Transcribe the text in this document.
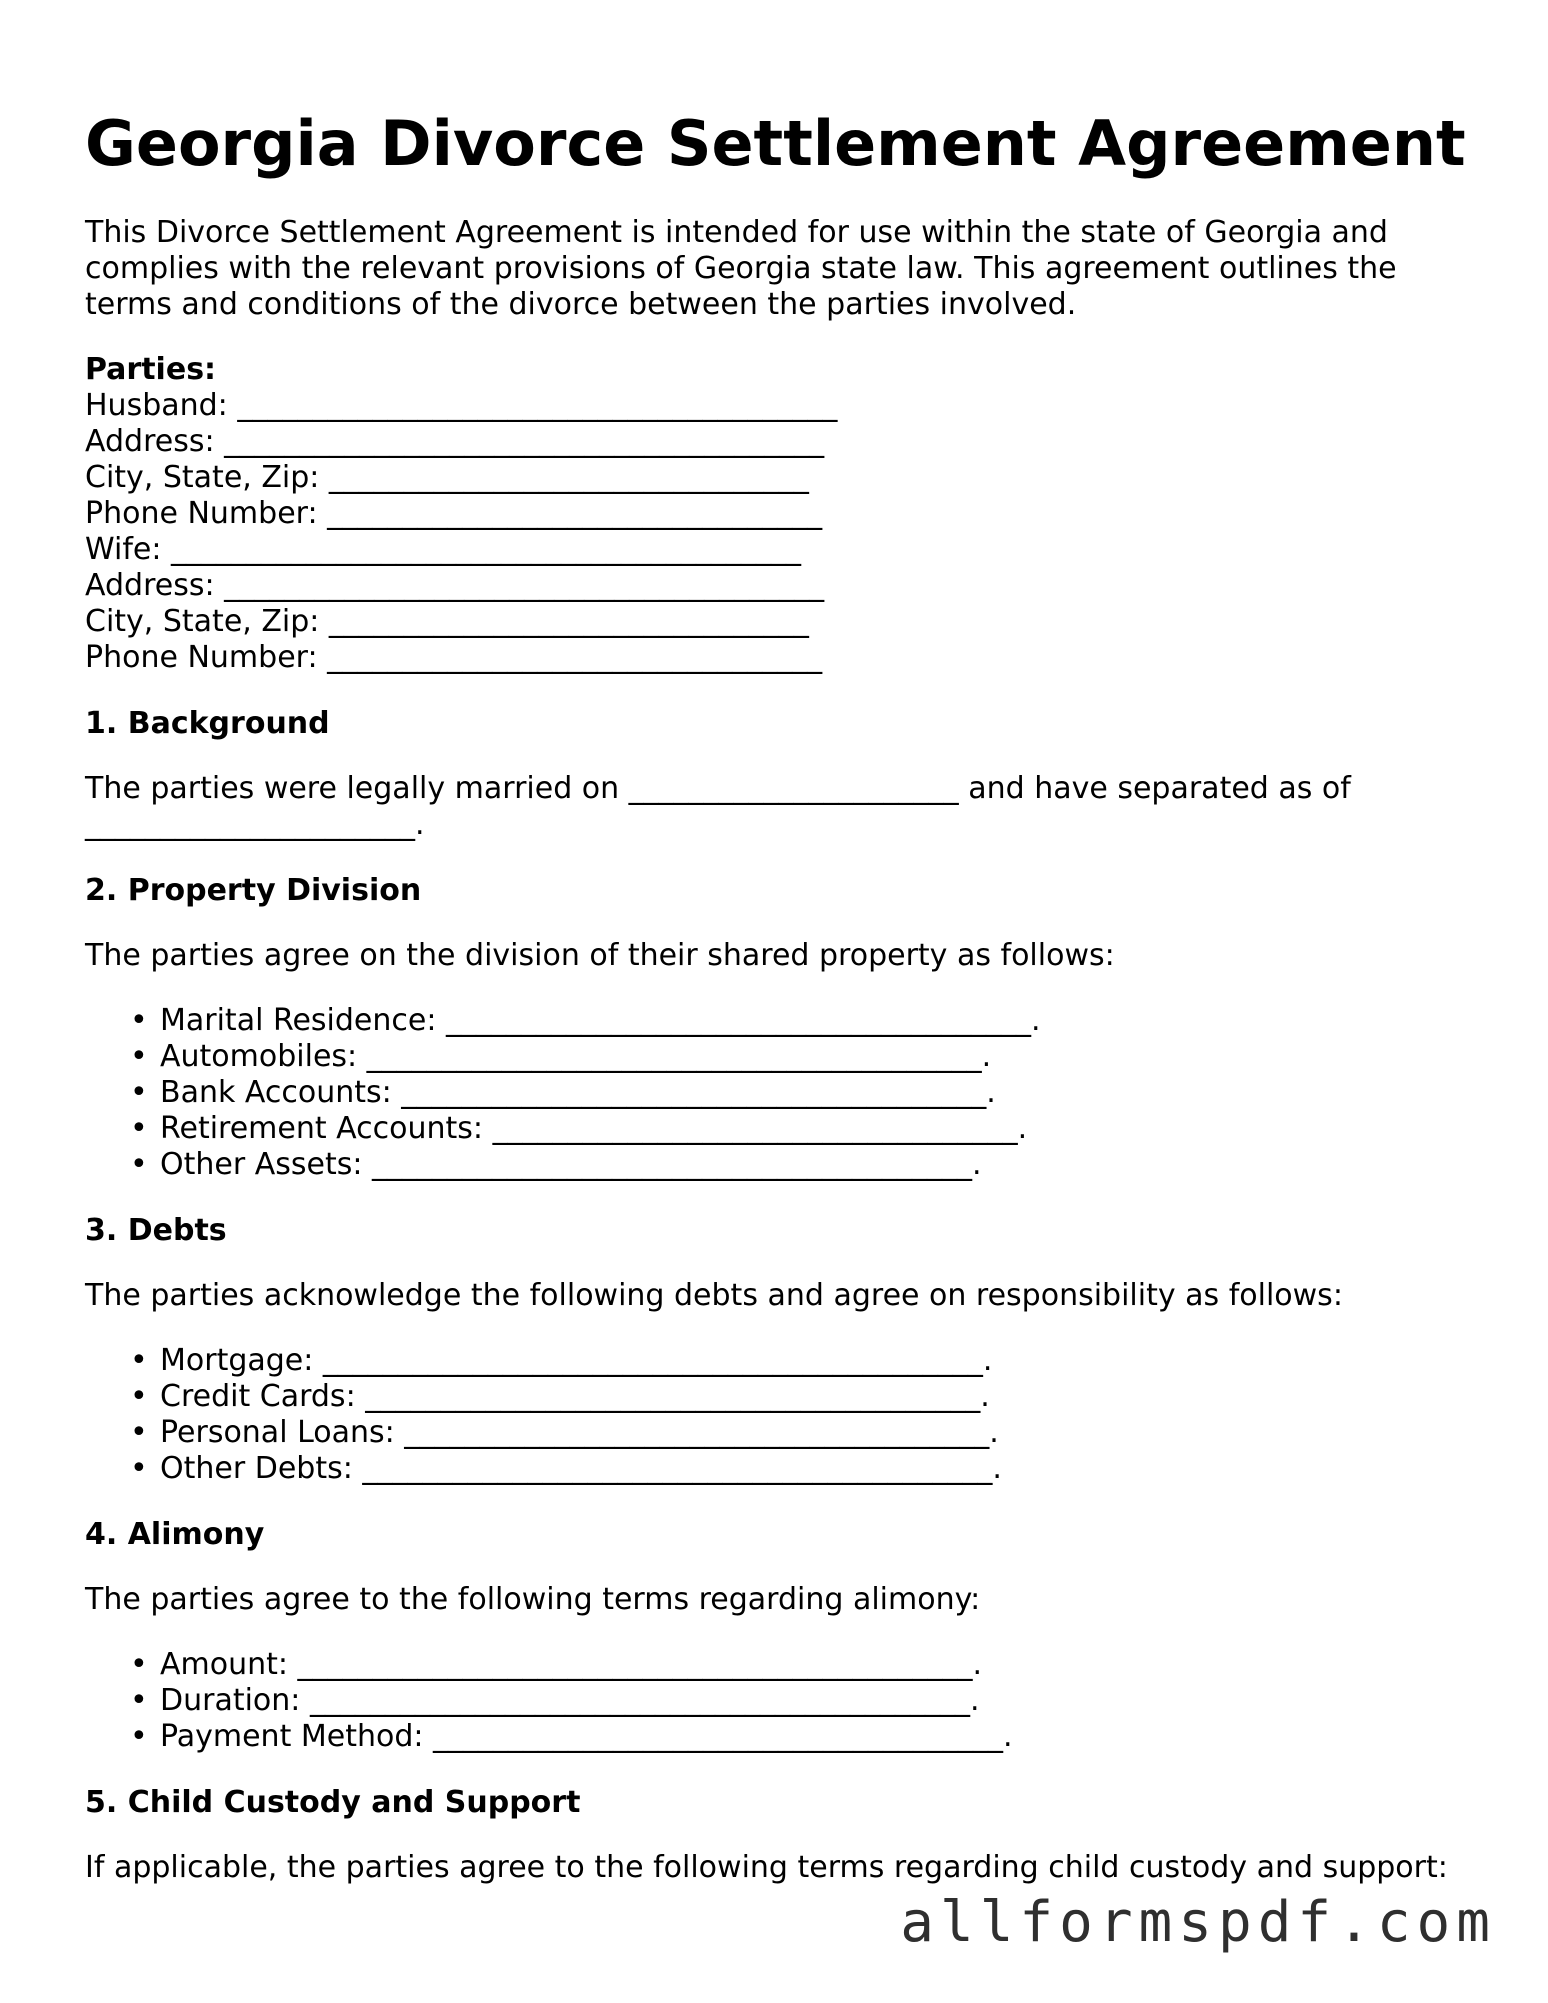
Georgia Divorce Settlement Agreement

This Divorce Settlement Agreement is intended for use within the state of Georgia and complies with the relevant provisions of Georgia state law. This agreement outlines the terms and conditions of the divorce between the parties involved.

Parties:
Husband: ________________________________________
Address: ________________________________________
City, State, Zip: ________________________________
Phone Number: _________________________________
Wife: __________________________________________
Address: ________________________________________
City, State, Zip: ________________________________
Phone Number: _________________________________
1. Background

The parties were legally married on ______________________ and have separated as of ______________________.

2. Property Division

The parties agree on the division of their shared property as follows:

• Marital Residence: _______________________________________.
• Automobiles: _________________________________________.
• Bank Accounts: _______________________________________.
• Retirement Accounts: ___________________________________.
• Other Assets: ________________________________________.
3. Debts

The parties acknowledge the following debts and agree on responsibility as follows:

• Mortgage: ____________________________________________.
• Credit Cards: _________________________________________.
• Personal Loans: _______________________________________.
• Other Debts: __________________________________________.
4. Alimony

The parties agree to the following terms regarding alimony:

• Amount: _____________________________________________.
• Duration: ____________________________________________.
• Payment Method: ______________________________________.
5. Child Custody and Support

If applicable, the parties agree to the following terms regarding child custody and support:

allformspdf.com
